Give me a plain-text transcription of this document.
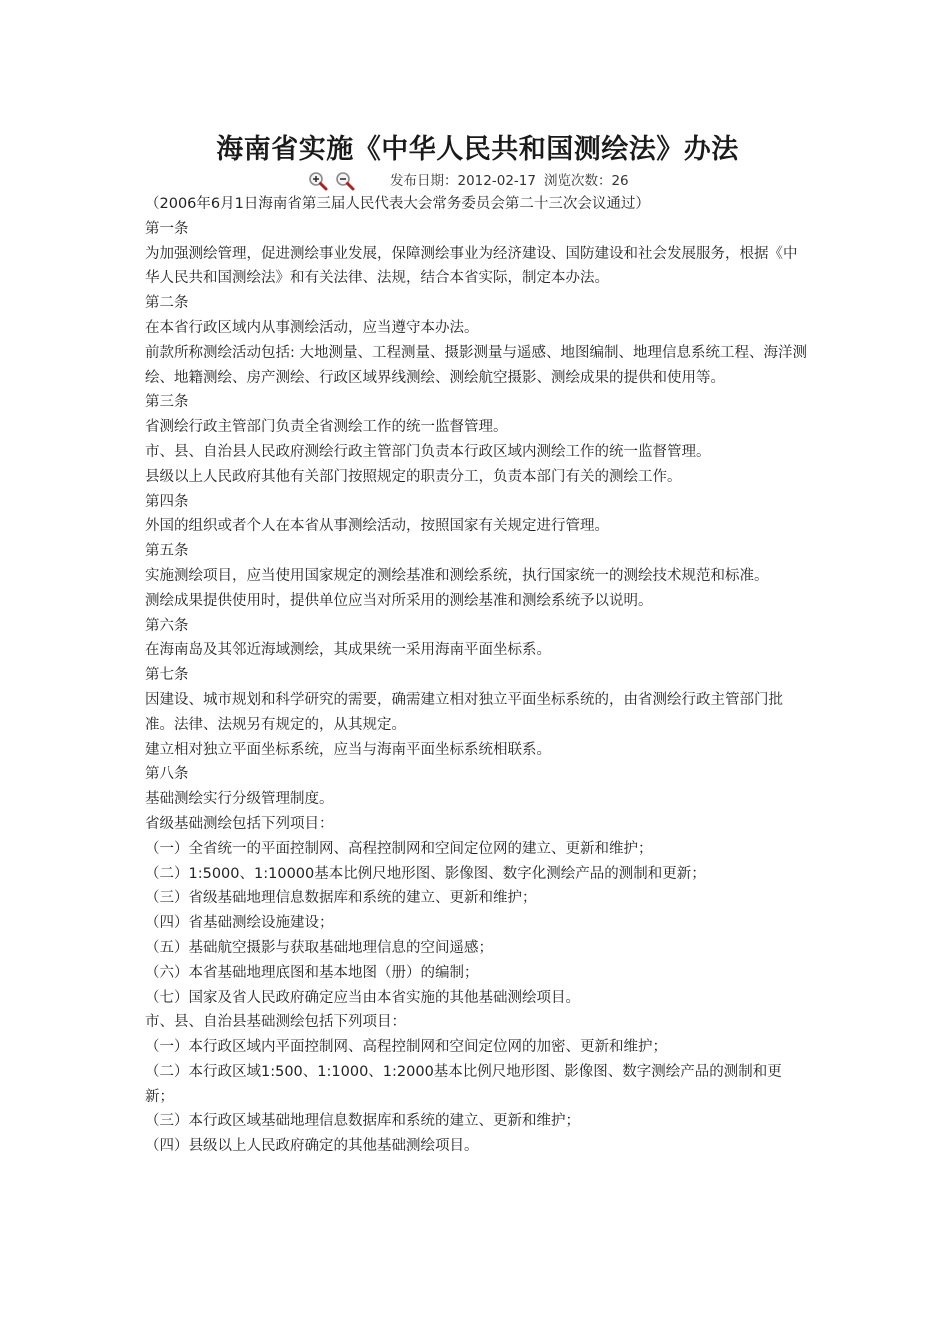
海南省实施《中华人民共和国测绘法》办法
发布日期：2012-02-17 浏览次数：26

（2006年6月1日海南省第三届人民代表大会常务委员会第二十三次会议通过）

第一条

为加强测绘管理，促进测绘事业发展，保障测绘事业为经济建设、国防建设和社会发展服务，根据《中华人民共和国测绘法》和有关法律、法规，结合本省实际，制定本办法。

第二条

在本省行政区域内从事测绘活动，应当遵守本办法。

前款所称测绘活动包括: 大地测量、工程测量、摄影测量与遥感、地图编制、地理信息系统工程、海洋测绘、地籍测绘、房产测绘、行政区域界线测绘、测绘航空摄影、测绘成果的提供和使用等。

第三条

省测绘行政主管部门负责全省测绘工作的统一监督管理。

市、县、自治县人民政府测绘行政主管部门负责本行政区域内测绘工作的统一监督管理。

县级以上人民政府其他有关部门按照规定的职责分工，负责本部门有关的测绘工作。

第四条

外国的组织或者个人在本省从事测绘活动，按照国家有关规定进行管理。

第五条

实施测绘项目，应当使用国家规定的测绘基准和测绘系统，执行国家统一的测绘技术规范和标准。

测绘成果提供使用时，提供单位应当对所采用的测绘基准和测绘系统予以说明。

第六条

在海南岛及其邻近海域测绘，其成果统一采用海南平面坐标系。

第七条

因建设、城市规划和科学研究的需要，确需建立相对独立平面坐标系统的，由省测绘行政主管部门批准。法律、法规另有规定的，从其规定。

建立相对独立平面坐标系统，应当与海南平面坐标系统相联系。

第八条

基础测绘实行分级管理制度。

省级基础测绘包括下列项目：

（一）全省统一的平面控制网、高程控制网和空间定位网的建立、更新和维护；

（二）1:5000、1:10000基本比例尺地形图、影像图、数字化测绘产品的测制和更新；

（三）省级基础地理信息数据库和系统的建立、更新和维护；

（四）省基础测绘设施建设；

（五）基础航空摄影与获取基础地理信息的空间遥感；

（六）本省基础地理底图和基本地图（册）的编制；

（七）国家及省人民政府确定应当由本省实施的其他基础测绘项目。

市、县、自治县基础测绘包括下列项目：

（一）本行政区域内平面控制网、高程控制网和空间定位网的加密、更新和维护；

（二）本行政区域1:500、1:1000、1:2000基本比例尺地形图、影像图、数字测绘产品的测制和更新；

（三）本行政区域基础地理信息数据库和系统的建立、更新和维护；

（四）县级以上人民政府确定的其他基础测绘项目。
